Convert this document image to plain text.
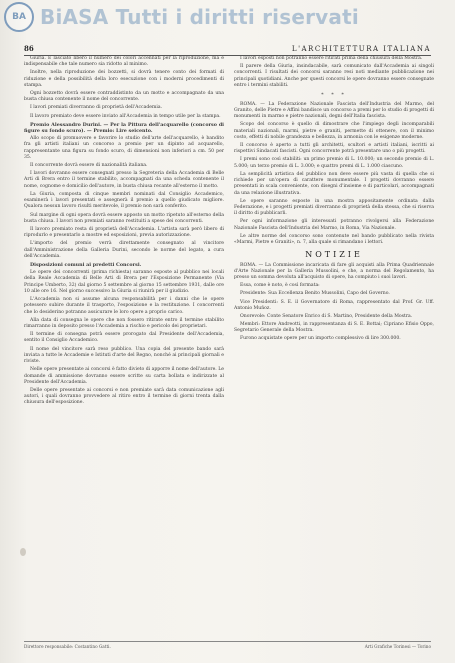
BA BiASA Tutti i diritti riservati
86	L'ARCHITETTURA ITALIANA

Giuria. È lasciato libero il numero dei colori accennati per la riproduzione, ma è indispensabile che tale numero sia ridotto al minimo.

Inoltre, nella riproduzione dei bozzetti, si dovrà tenere conto dei formati di riduzione e della possibilità della loro esecuzione con i moderni procedimenti di stampa.

Ogni bozzetto dovrà essere contraddistinto da un motto e accompagnato da una busta chiusa contenente il nome del concorrente.

I lavori premiati diverranno di proprietà dell'Accademia.

Il lavoro premiato deve essere inviato all'Accademia in tempo utile per la stampa.

Premio Alessandro Durini. — Per la Pittura dell'acquarello (concorso di figure su fondo scuro). — Premio: Lire seicento.

Allo scopo di promuovere e favorire lo studio dell'arte dell'acquarello, è bandito fra gli artisti italiani un concorso a premio per un dipinto ad acquarello, rappresentante una figura su fondo scuro, di dimensioni non inferiori a cm. 50 per 35.

Il concorrente dovrà essere di nazionalità italiana.

I lavori dovranno essere consegnati presso la Segreteria della Accademia di Belle Arti di Brera entro il termine stabilito, accompagnati da una scheda contenente il nome, cognome e domicilio dell'autore, in busta chiusa recante all'esterno il motto.

La Giuria, composta di cinque membri nominati dal Consiglio Accademico, esaminerà i lavori presentati e assegnerà il premio a quello giudicato migliore. Qualora nessun lavoro risulti meritevole, il premio non sarà conferito.

Sul margine di ogni opera dovrà essere apposto un motto ripetuto all'esterno della busta chiusa. I lavori non premiati saranno restituiti a spese dei concorrenti.

Il lavoro premiato resta di proprietà dell'Accademia. L'artista sarà però libero di riprodurlo e presentarlo a mostre ed esposizioni, previa autorizzazione.

L'importo del premio verrà direttamente consegnato al vincitore dall'Amministrazione della Galleria Durini, secondo le norme del legato, a cura dell'Accademia.

Disposizioni comuni ai predetti Concorsi.

Le opere dei concorrenti (prima richiesta) saranno esposte al pubblico nei locali della Reale Accademia di Belle Arti di Brera per l'Esposizione Permanente (Via Principe Umberto, 32) dal giorno 5 settembre al giorno 15 settembre 1931, dalle ore 10 alle ore 16. Nel giorno successivo la Giuria si riunirà per il giudizio.

L'Accademia non si assume alcuna responsabilità per i danni che le opere potessero subire durante il trasporto, l'esposizione e la restituzione. I concorrenti che lo desiderino potranno assicurare le loro opere a proprio carico.

Alla data di consegna le opere che non fossero ritirate entro il termine stabilito rimarranno in deposito presso l'Accademia a rischio e pericolo dei proprietari.

Il termine di consegna potrà essere prorogato dal Presidente dell'Accademia, sentito il Consiglio Accademico.

Il nome del vincitore sarà reso pubblico. Una copia del presente bando sarà inviata a tutte le Accademie e Istituti d'arte del Regno, nonché ai principali giornali e riviste.

Nelle opere presentate ai concorsi è fatto divieto di apporre il nome dell'autore. Le domande di ammissione dovranno essere scritte su carta bollata e indirizzate al Presidente dell'Accademia.

Delle opere presentate ai concorsi e non premiate sarà data comunicazione agli autori, i quali dovranno provvedere al ritiro entro il termine di giorni trenta dalla chiusura dell'esposizione.

I lavori esposti non potranno essere ritirati prima della chiusura della Mostra.

Il parere della Giuria, insindacabile, sarà comunicato dall'Accademia ai singoli concorrenti. I risultati dei concorsi saranno resi noti mediante pubblicazione nei principali quotidiani. Anche per questi concorsi le opere dovranno essere consegnate entro i termini stabiliti.

* * *

ROMA. — La Federazione Nazionale Fascista dell'Industria del Marmo, del Granito, delle Pietre e Affini bandisce un concorso a premi per lo studio di progetti di monumenti in marmo e pietre nazionali, degni dell'Italia fascista.

Scopo del concorso è quello di dimostrare che l'impiego degli incomparabili materiali nazionali, marmi, pietre e graniti, permette di ottenere, con il minimo costo, effetti di nobile grandezza e bellezza, in armonia con le esigenze moderne.

Il concorso è aperto a tutti gli architetti, scultori e artisti italiani, iscritti ai rispettivi Sindacati fascisti. Ogni concorrente potrà presentare uno o più progetti.

I premi sono così stabiliti: un primo premio di L. 10.000; un secondo premio di L. 5.000; un terzo premio di L. 3.000; e quattro premi di L. 1.000 ciascuno.

La semplicità artistica del pubblico non deve essere più vasta di quella che si richiede per un'opera di carattere monumentale. I progetti dovranno essere presentati in scala conveniente, con disegni d'insieme e di particolari, accompagnati da una relazione illustrativa.

Le opere saranno esposte in una mostra appositamente ordinata dalla Federazione, e i progetti premiati diverranno di proprietà della stessa, che si riserva il diritto di pubblicarli.

Per ogni informazione gli interessati potranno rivolgersi alla Federazione Nazionale Fascista dell'Industria del Marmo, in Roma, Via Nazionale.

Le altre norme del concorso sono contenute nel bando pubblicato nella rivista «Marmi, Pietre e Graniti», n. 7, alla quale si rimandano i lettori.

NOTIZIE

ROMA. — La Commissione incaricata di fare gli acquisti alla Prima Quadriennale d'Arte Nazionale per la Galleria Mussolini, e che, a norma del Regolamento, ha presso un somma devoluta all'acquisto di opere, ha compiuto i suoi lavori.

Essa, come è noto, è così formata:

Presidente: Sua Eccellenza Benito Mussolini, Capo del Governo.

Vice Presidenti: S. E. il Governatore di Roma, rappresentato dal Prof. Gr. Uff. Antonio Muñoz.

Onorevole: Conte Senatore Enrico di S. Martino, Presidente della Mostra.

Membri: Ettore Andreotti, in rappresentanza di S. E. Bottai; Cipriano Efisio Oppo, Segretario Generale della Mostra.

Furono acquistate opere per un importo complessivo di lire 300.000.

Direttore responsabile: Costantino Gatti.	Arti Grafiche Torinesi — Torino
